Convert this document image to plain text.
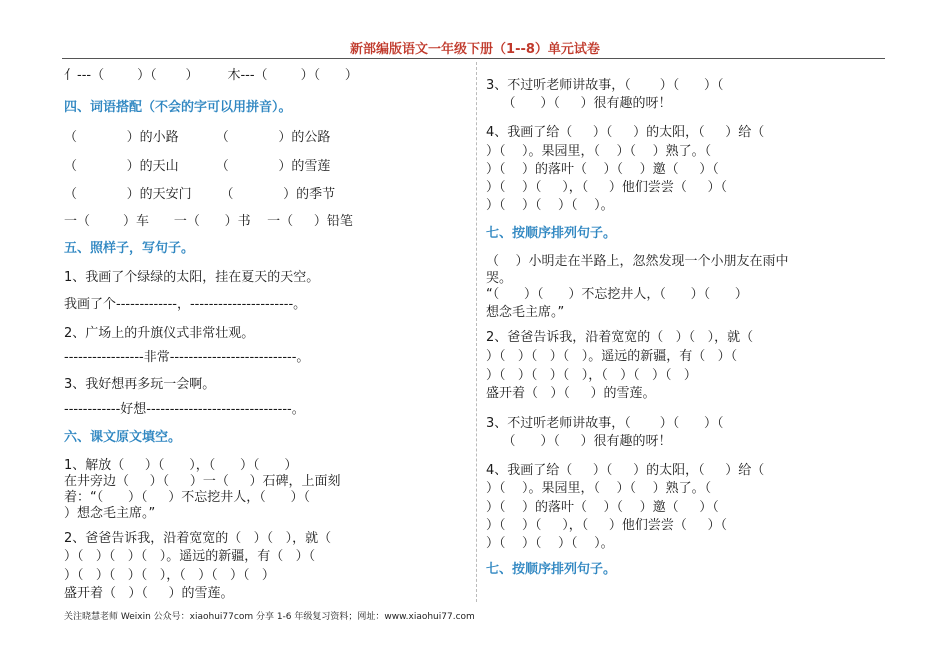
新部编版语文一年级下册（1--8）单元试卷
亻---（        ）（       ）       木---（        ）（      ）
四、词语搭配（不会的字可以用拼音）。
（            ）的小路         （            ）的公路
（            ）的天山         （            ）的雪莲
（            ）的天安门       （            ）的季节
一（        ）车      一（      ）书    一（     ）铅笔
五、照样子，写句子。
1、我画了个绿绿的太阳，挂在夏天的天空。
我画了个-------------，----------------------。
2、广场上的升旗仪式非常壮观。
-----------------非常---------------------------。
3、我好想再多玩一会啊。
------------好想-------------------------------。
六、课文原文填空。
1、解放（     ）（      ），（      ）（      ）
在井旁边（     ）（     ）一（     ）石碑，上面刻
着：“（      ）（     ）不忘挖井人，（      ）（
）想念毛主席。”
2、爸爸告诉我，沿着宽宽的（   ）（   ），就（
）（   ）（   ）（   ）。遥远的新疆，有（   ）（
）（   ）（   ）（   ），（   ）（   ）（   ）
盛开着（   ）（     ）的雪莲。
3、不过听老师讲故事，（       ）（      ）（
（      ）（     ）很有趣的呀！
4、我画了给（     ）（     ）的太阳，（     ）给（
）（    ）。果园里，（    ）（    ）熟了。（
）（    ）的落叶（    ）（    ）邀（     ）（
）（    ）（     ），（     ）他们尝尝（     ）（
）（    ）（    ）（    ）。
七、按顺序排列句子。
（    ）小明走在半路上，忽然发现一个小朋友在雨中
哭。
“（      ）（      ）不忘挖井人，（      ）（      ）
想念毛主席。”
2、爸爸告诉我，沿着宽宽的（   ）（   ），就（
）（   ）（   ）（   ）。遥远的新疆，有（   ）（
）（   ）（   ）（   ），（   ）（   ）（   ）
盛开着（   ）（     ）的雪莲。
3、不过听老师讲故事，（       ）（      ）（
（      ）（     ）很有趣的呀！
4、我画了给（     ）（     ）的太阳，（     ）给（
）（    ）。果园里，（    ）（    ）熟了。（
）（    ）的落叶（    ）（    ）邀（     ）（
）（    ）（     ），（     ）他们尝尝（     ）（
）（    ）（    ）（    ）。
七、按顺序排列句子。
关注晓慧老师 Weixin 公众号：xiaohui77com 分享 1-6 年级复习资料；网址：www.xiaohui77.com
